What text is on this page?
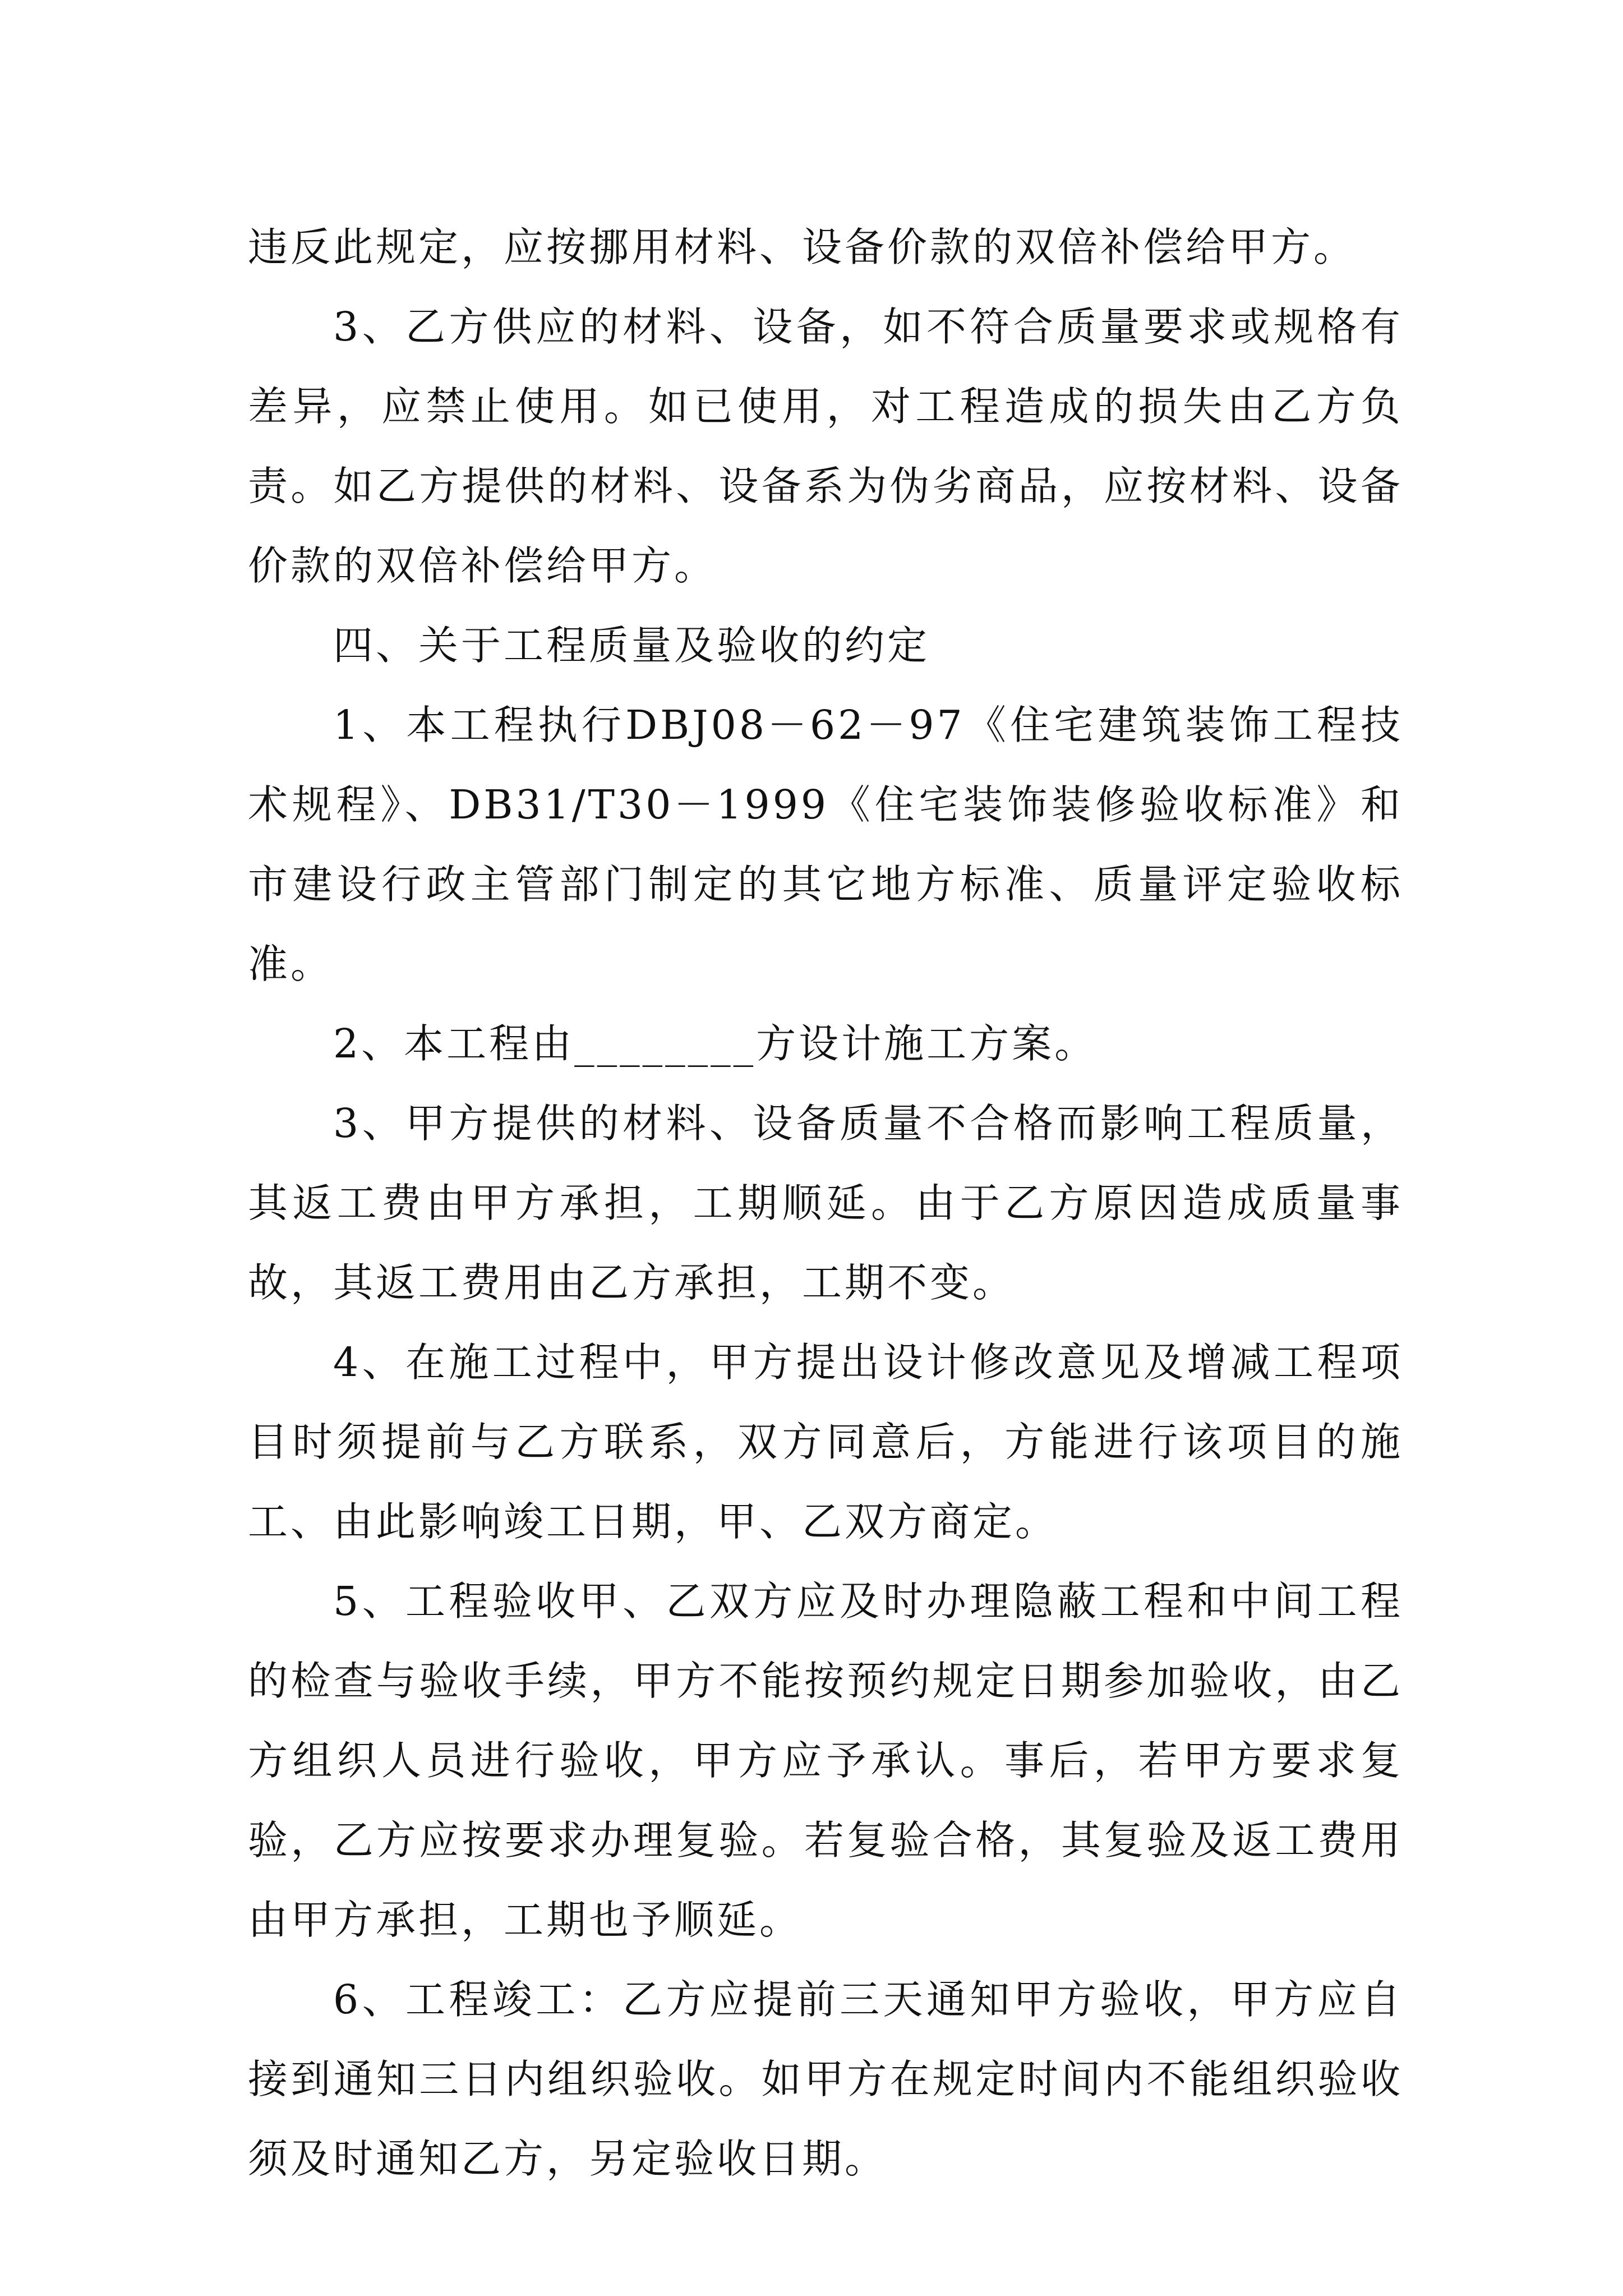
违反此规定，应按挪用材料、设备价款的双倍补偿给甲方。

3、乙方供应的材料、设备，如不符合质量要求或规格有差异，应禁止使用。如已使用，对工程造成的损失由乙方负责。如乙方提供的材料、设备系为伪劣商品，应按材料、设备价款的双倍补偿给甲方。

四、关于工程质量及验收的约定

1、本工程执行DBJ08－62－97《住宅建筑装饰工程技术规程》、DB31/T30－1999《住宅装饰装修验收标准》和市建设行政主管部门制定的其它地方标准、质量评定验收标准。

2、本工程由________方设计施工方案。

3、甲方提供的材料、设备质量不合格而影响工程质量，其返工费由甲方承担，工期顺延。由于乙方原因造成质量事故，其返工费用由乙方承担，工期不变。

4、在施工过程中，甲方提出设计修改意见及增减工程项目时须提前与乙方联系，双方同意后，方能进行该项目的施工、由此影响竣工日期，甲、乙双方商定。

5、工程验收甲、乙双方应及时办理隐蔽工程和中间工程的检查与验收手续，甲方不能按预约规定日期参加验收，由乙方组织人员进行验收，甲方应予承认。事后，若甲方要求复验，乙方应按要求办理复验。若复验合格，其复验及返工费用由甲方承担，工期也予顺延。

6、工程竣工：乙方应提前三天通知甲方验收，甲方应自接到通知三日内组织验收。如甲方在规定时间内不能组织验收须及时通知乙方，另定验收日期。
